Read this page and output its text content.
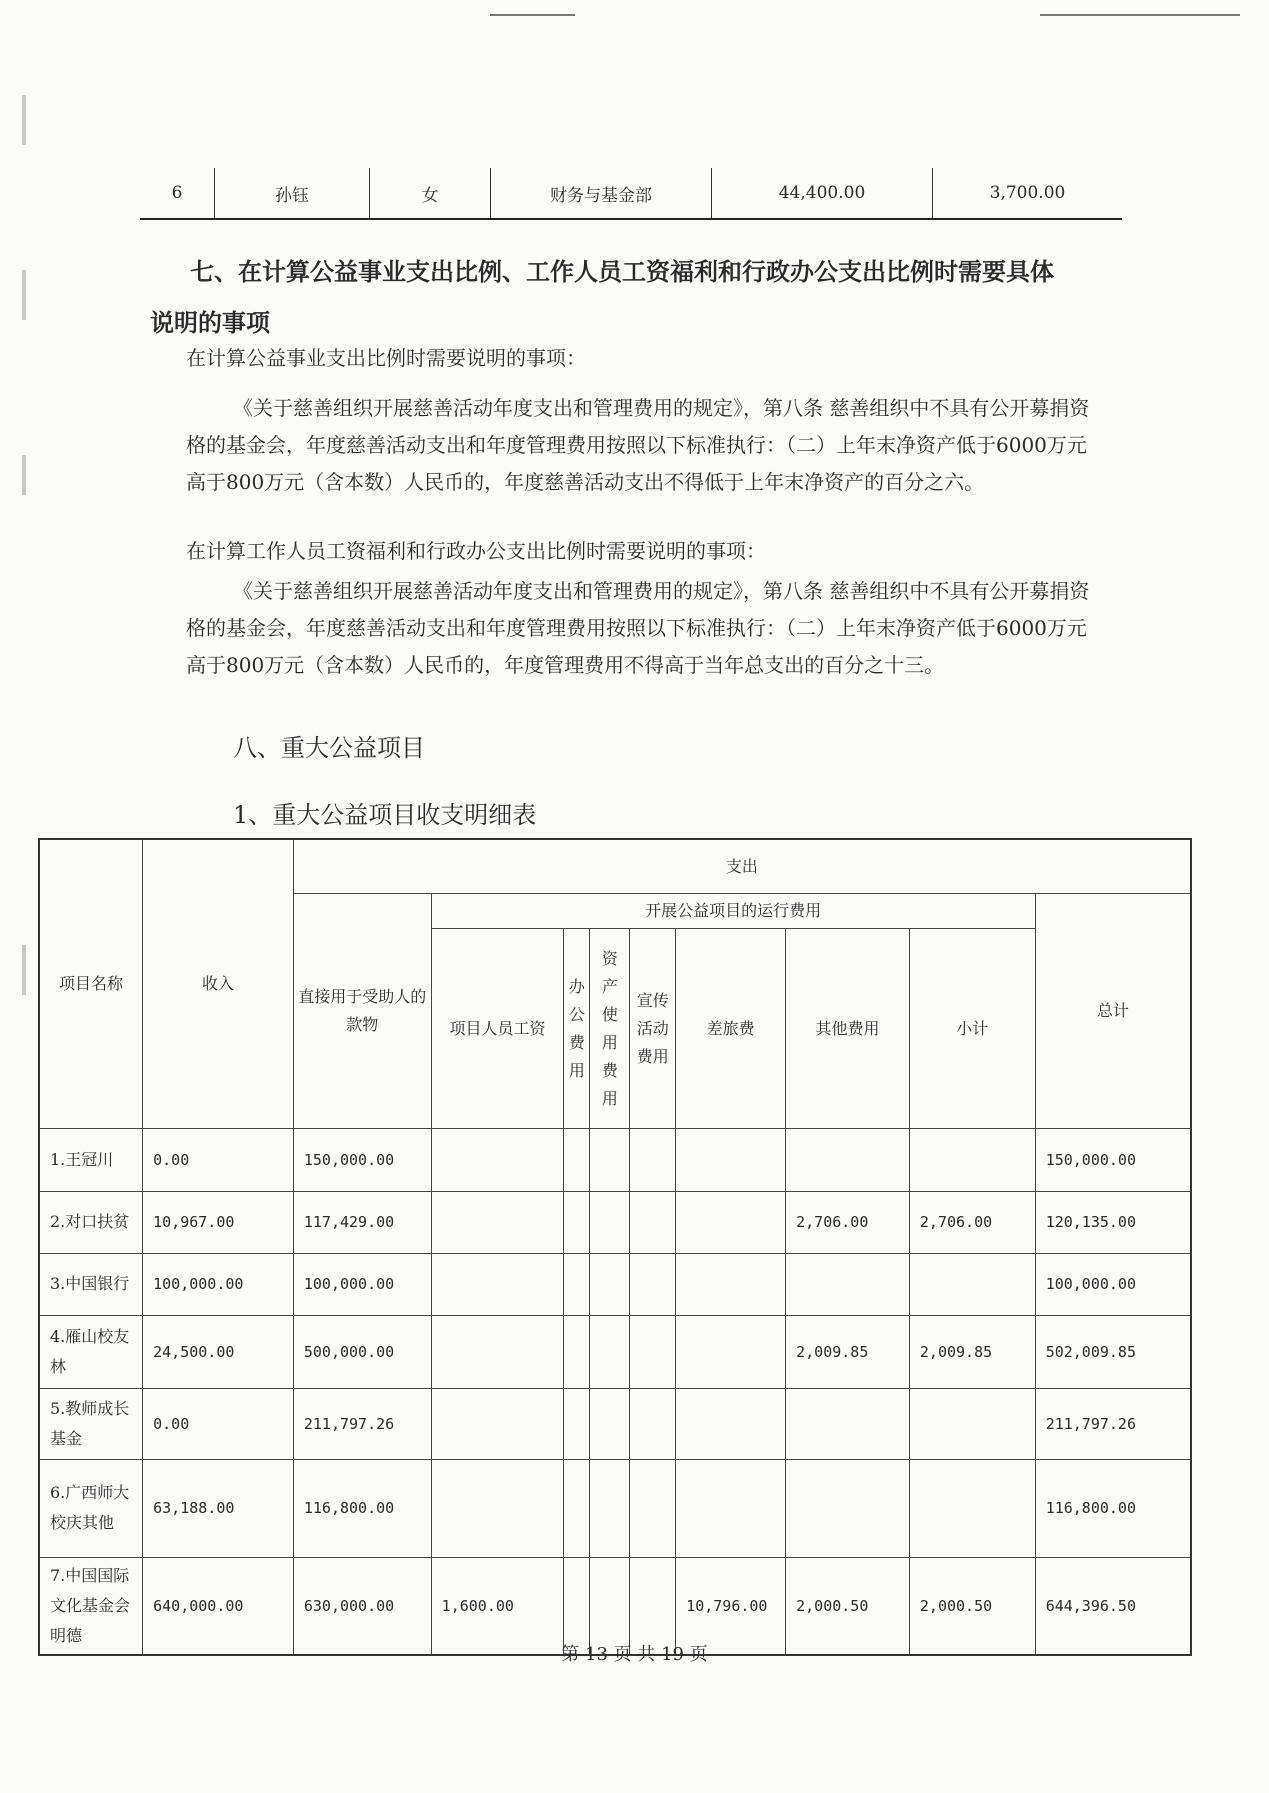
6	孙钰	女	财务与基金部	44,400.00	3,700.00
七、在计算公益事业支出比例、工作人员工资福利和行政办公支出比例时需要具体说明的事项
在计算公益事业支出比例时需要说明的事项：
《关于慈善组织开展慈善活动年度支出和管理费用的规定》，第八条 慈善组织中不具有公开募捐资格的基金会，年度慈善活动支出和年度管理费用按照以下标准执行：（二）上年末净资产低于6000万元高于800万元（含本数）人民币的，年度慈善活动支出不得低于上年末净资产的百分之六。
在计算工作人员工资福利和行政办公支出比例时需要说明的事项：
《关于慈善组织开展慈善活动年度支出和管理费用的规定》，第八条 慈善组织中不具有公开募捐资格的基金会，年度慈善活动支出和年度管理费用按照以下标准执行：（二）上年末净资产低于6000万元高于800万元（含本数）人民币的，年度管理费用不得高于当年总支出的百分之十三。
八、重大公益项目
1、重大公益项目收支明细表
项目名称	收入	支出								
		直接用于受助人的款物	开展公益项目的运行费用							总计
			项目人员工资	办公费用	资产使用费用	宣传活动费用	差旅费	其他费用	小计	
1.王冠川	0.00	150,000.00								150,000.00
2.对口扶贫	10,967.00	117,429.00						2,706.00	2,706.00	120,135.00
3.中国银行	100,000.00	100,000.00								100,000.00
4.雁山校友林	24,500.00	500,000.00						2,009.85	2,009.85	502,009.85
5.教师成长基金	0.00	211,797.26								211,797.26
6.广西师大校庆其他	63,188.00	116,800.00								116,800.00
7.中国国际文化基金会明德	640,000.00	630,000.00	1,600.00				10,796.00	2,000.50	2,000.50	644,396.50
第 13 页 共 19 页
